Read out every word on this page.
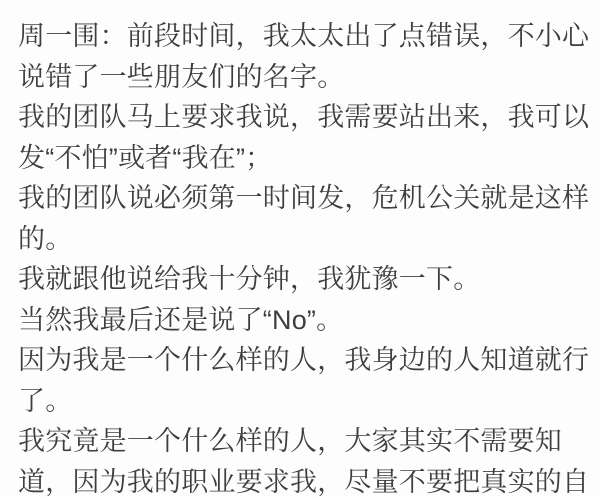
周一围：前段时间，我太太出了点错误，不小心
说错了一些朋友们的名字。
我的团队马上要求我说，我需要站出来，我可以
发“不怕”或者“我在”；
我的团队说必须第一时间发，危机公关就是这样
的。
我就跟他说给我十分钟，我犹豫一下。
当然我最后还是说了“No”。
因为我是一个什么样的人，我身边的人知道就行
了。
我究竟是一个什么样的人，大家其实不需要知
道，因为我的职业要求我，尽量不要把真实的自
